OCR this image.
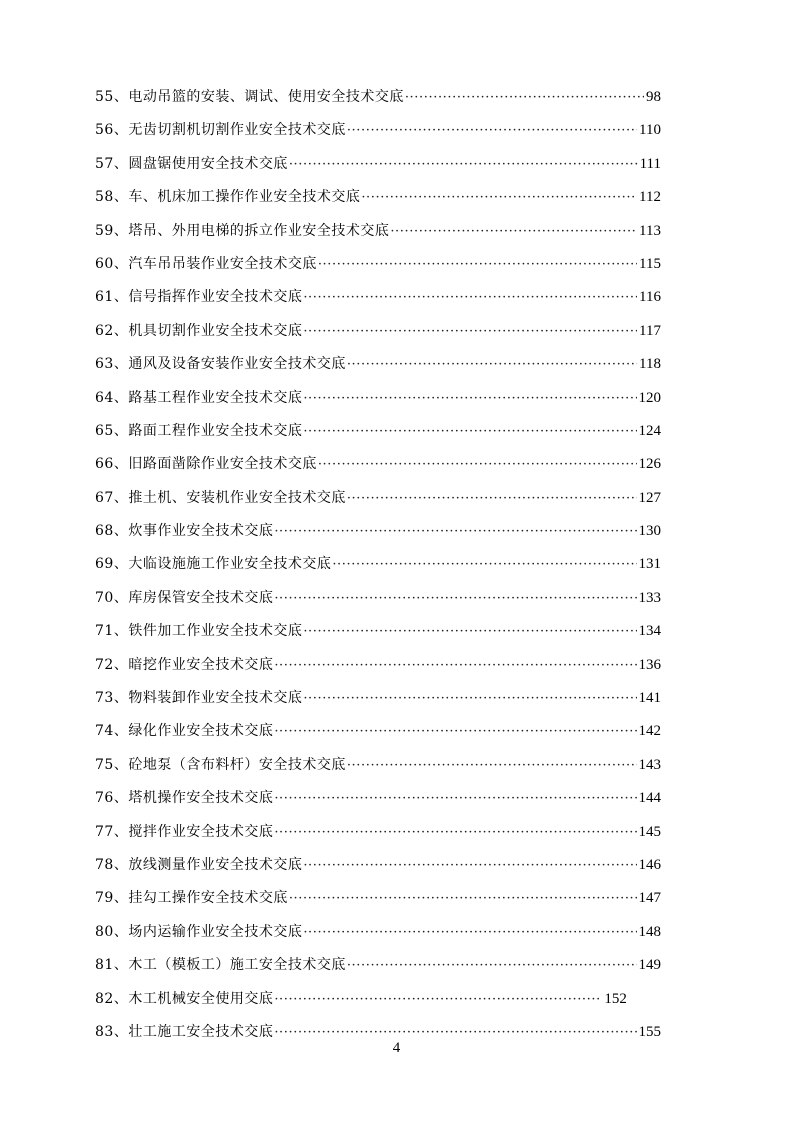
55、电动吊篮的安装、调试、使用安全技术交底 ·····	98
56、无齿切割机切割作业安全技术交底 ·····	110
57、圆盘锯使用安全技术交底 ·····	111
58、车、机床加工操作作业安全技术交底 ·····	112
59、塔吊、外用电梯的拆立作业安全技术交底 ·····	113
60、汽车吊吊装作业安全技术交底 ·····	115
61、信号指挥作业安全技术交底 ·····	116
62、机具切割作业安全技术交底 ·····	117
63、通风及设备安装作业安全技术交底 ·····	118
64、路基工程作业安全技术交底 ·····	120
65、路面工程作业安全技术交底 ·····	124
66、旧路面凿除作业安全技术交底 ·····	126
67、推土机、安装机作业安全技术交底 ·····	127
68、炊事作业安全技术交底 ·····	130
69、大临设施施工作业安全技术交底 ·····	131
70、库房保管安全技术交底 ·····	133
71、铁件加工作业安全技术交底 ·····	134
72、暗挖作业安全技术交底 ·····	136
73、物料装卸作业安全技术交底 ·····	141
74、绿化作业安全技术交底 ·····	142
75、砼地泵（含布料杆）安全技术交底 ·····	143
76、塔机操作安全技术交底 ·····	144
77、搅拌作业安全技术交底 ·····	145
78、放线测量作业安全技术交底 ·····	146
79、挂勾工操作安全技术交底 ·····	147
80、场内运输作业安全技术交底 ·····	148
81、木工（模板工）施工安全技术交底 ·····	149
82、木工机械安全使用交底 ·····	152
83、壮工施工安全技术交底 ·····	155
4
